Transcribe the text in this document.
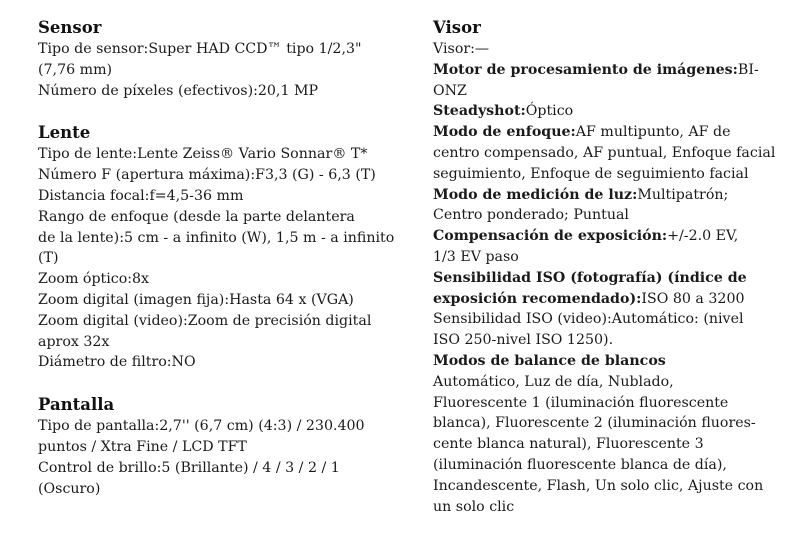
Sensor
Tipo de sensor:Super HAD CCD™ tipo 1/2,3"
(7,76 mm)
Número de píxeles (efectivos):20,1 MP
Lente
Tipo de lente:Lente Zeiss® Vario Sonnar® T*
Número F (apertura máxima):F3,3 (G) - 6,3 (T)
Distancia focal:f=4,5-36 mm
Rango de enfoque (desde la parte delantera
de la lente):5 cm - a infinito (W), 1,5 m - a infinito
(T)
Zoom óptico:8x
Zoom digital (imagen fija):Hasta 64 x (VGA)
Zoom digital (video):Zoom de precisión digital
aprox 32x
Diámetro de filtro:NO
Pantalla
Tipo de pantalla:2,7'' (6,7 cm) (4:3) / 230.400
puntos / Xtra Fine / LCD TFT
Control de brillo:5 (Brillante) / 4 / 3 / 2 / 1
(Oscuro)
Visor
Visor:—
Motor de procesamiento de imágenes:BI-
ONZ
Steadyshot:Óptico
Modo de enfoque:AF multipunto, AF de
centro compensado, AF puntual, Enfoque facial
seguimiento, Enfoque de seguimiento facial
Modo de medición de luz:Multipatrón;
Centro ponderado; Puntual
Compensación de exposición:+/-2.0 EV,
1/3 EV paso
Sensibilidad ISO (fotografía) (índice de
exposición recomendado):ISO 80 a 3200
Sensibilidad ISO (video):Automático: (nivel
ISO 250-nivel ISO 1250).
Modos de balance de blancos
Automático, Luz de día, Nublado,
Fluorescente 1 (iluminación fluorescente
blanca), Fluorescente 2 (iluminación fluores-
cente blanca natural), Fluorescente 3
(iluminación fluorescente blanca de día),
Incandescente, Flash, Un solo clic, Ajuste con
un solo clic
